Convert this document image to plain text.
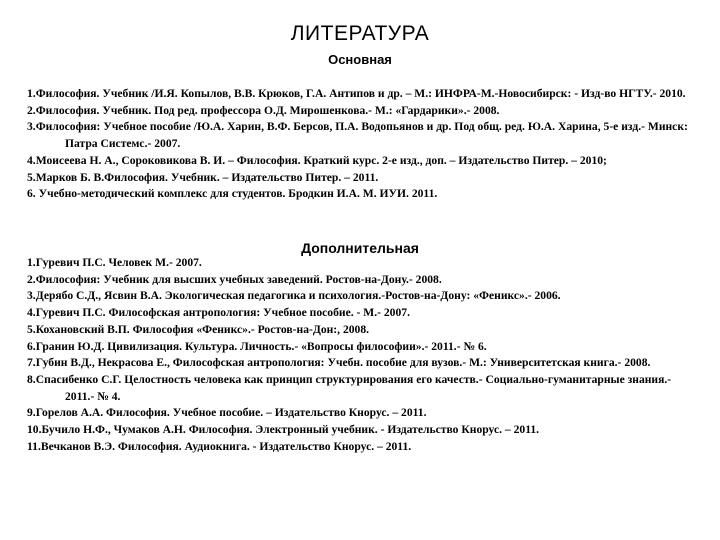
ЛИТЕРАТУРА
Основная
1.Философия. Учебник /И.Я. Копылов, В.В. Крюков, Г.А. Антипов и др. – М.: ИНФРА-М.-Новосибирск: - Изд-во НГТУ.- 2010.
2.Философия. Учебник. Под ред. профессора О.Д. Мирошенкова.- М.: «Гардарики».- 2008.
3.Философия: Учебное пособие /Ю.А. Харин, В.Ф. Берсов, П.А. Водопьянов и др. Под общ. ред. Ю.А. Харина, 5-е изд.- Минск: Патра Системс.- 2007.
4.Моисеева Н. А., Сороковикова В. И. – Философия. Краткий курс. 2-е изд., доп. – Издательство Питер. – 2010;
5.Марков Б. В.Философия. Учебник. – Издательство Питер. – 2011.
6. Учебно-методический комплекс для студентов. Бродкин И.А. М. ИУИ. 2011.
Дополнительная
1.Гуревич П.С. Человек М.- 2007.
2.Философия: Учебник для высших учебных заведений. Ростов-на-Дону.- 2008.
3.Дерябо С.Д., Ясвин В.А. Экологическая педагогика и психология.-Ростов-на-Дону: «Феникс».- 2006.
4.Гуревич П.С. Философская антропология: Учебное пособие. - М.- 2007.
5.Кохановский В.П. Философия «Феникс».- Ростов-на-Дон:, 2008.
6.Гранин Ю.Д. Цивилизация. Культура. Личность.- «Вопросы философии».- 2011.- № 6.
7.Губин В.Д., Некрасова Е., Философская антропология: Учебн. пособие для вузов.- М.: Университетская книга.- 2008.
8.Спасибенко С.Г. Целостность человека как принцип структурирования его качеств.- Социально-гуманитарные знания.- 2011.- № 4.
9.Горелов А.А. Философия. Учебное пособие. – Издательство Кнорус. – 2011.
10.Бучило Н.Ф., Чумаков А.Н. Философия. Электронный учебник. - Издательство Кнорус. – 2011.
11.Вечканов В.Э. Философия. Аудиокнига. - Издательство Кнорус. – 2011.
